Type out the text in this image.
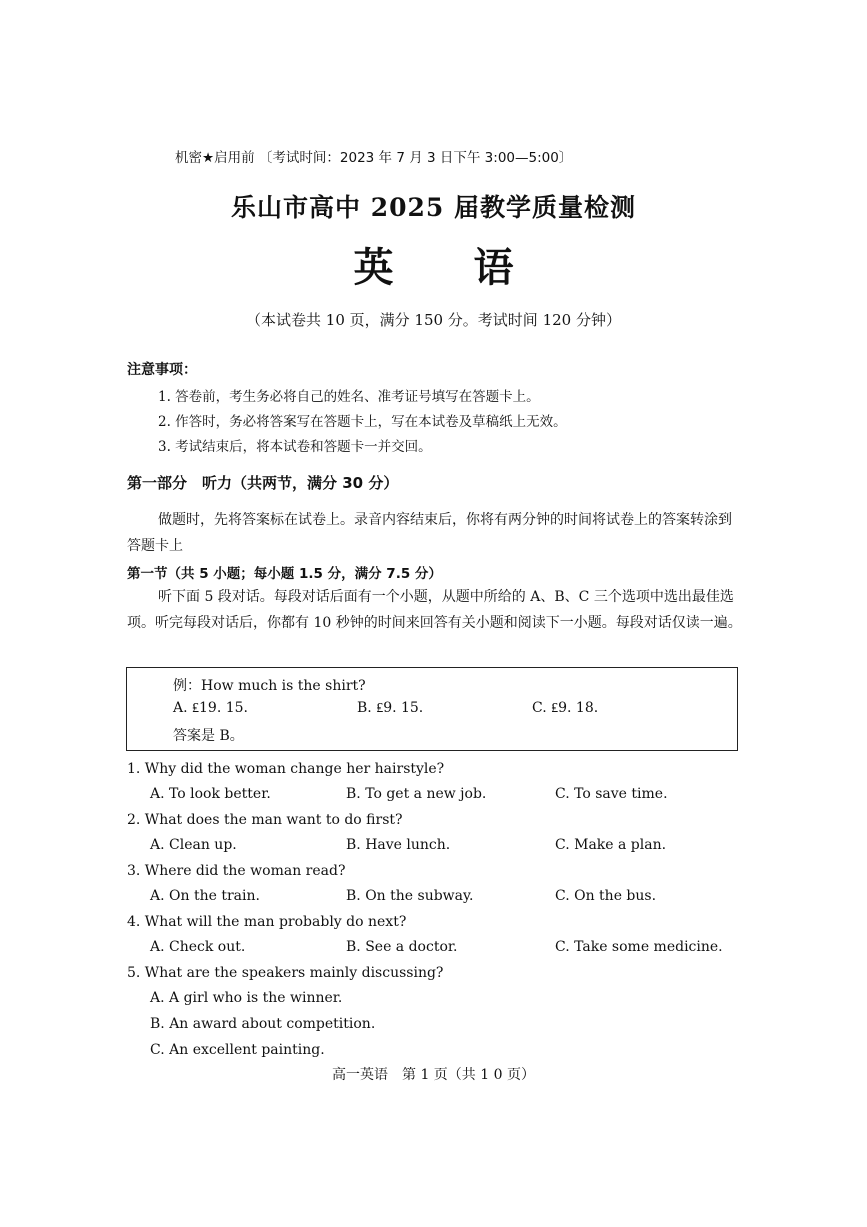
机密★启用前 〔考试时间：2023 年 7 月 3 日下午 3:00—5:00〕
乐山市高中 2025 届教学质量检测
英 语
（本试卷共 10 页，满分 150 分。考试时间 120 分钟）
注意事项：
1. 答卷前，考生务必将自己的姓名、准考证号填写在答题卡上。
2. 作答时，务必将答案写在答题卡上，写在本试卷及草稿纸上无效。
3. 考试结束后，将本试卷和答题卡一并交回。
第一部分　听力（共两节，满分 30 分）
做题时，先将答案标在试卷上。录音内容结束后，你将有两分钟的时间将试卷上的答案转涂到答题卡上
第一节（共 5 小题；每小题 1.5 分，满分 7.5 分）
听下面 5 段对话。每段对话后面有一个小题，从题中所给的 A、B、C 三个选项中选出最佳选项。听完每段对话后，你都有 10 秒钟的时间来回答有关小题和阅读下一小题。每段对话仅读一遍。
例：How much is the shirt?
A. ₤19. 15.	B. ₤9. 15.	C. ₤9. 18.
答案是 B。
1. Why did the woman change her hairstyle?
A. To look better.	B. To get a new job.	C. To save time.
2. What does the man want to do first?
A. Clean up.	B. Have lunch.	C. Make a plan.
3. Where did the woman read?
A. On the train.	B. On the subway.	C. On the bus.
4. What will the man probably do next?
A. Check out.	B. See a doctor.	C. Take some medicine.
5. What are the speakers mainly discussing?
A. A girl who is the winner.
B. An award about competition.
C. An excellent painting.
高一英语　第 1 页（共 1 0 页）
